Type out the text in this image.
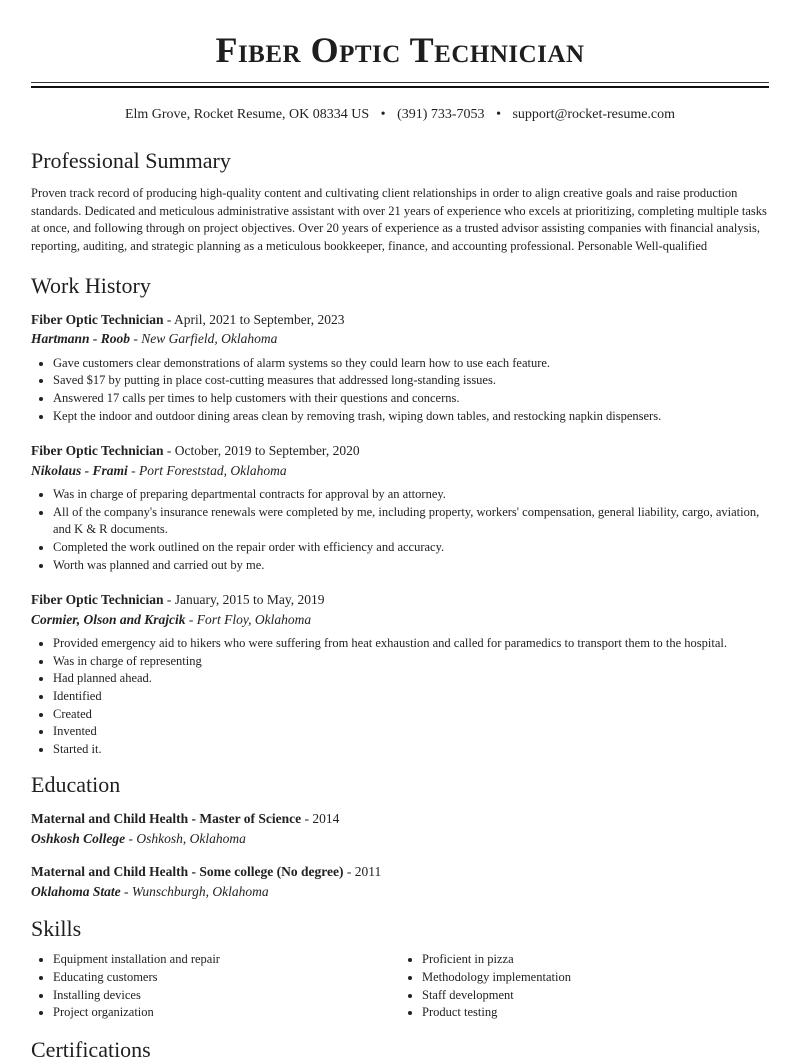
Fiber Optic Technician
Elm Grove, Rocket Resume, OK 08334 US • (391) 733-7053 • support@rocket-resume.com
Professional Summary

Proven track record of producing high-quality content and cultivating client relationships in order to align creative goals and raise production standards. Dedicated and meticulous administrative assistant with over 21 years of experience who excels at prioritizing, completing multiple tasks at once, and following through on project objectives. Over 20 years of experience as a trusted advisor assisting companies with financial analysis, reporting, auditing, and strategic planning as a meticulous bookkeeper, finance, and accounting professional. Personable Well-qualified

Work History
Fiber Optic Technician - April, 2021 to September, 2023
Hartmann - Roob - New Garfield, Oklahoma
• Gave customers clear demonstrations of alarm systems so they could learn how to use each feature.
• Saved $17 by putting in place cost-cutting measures that addressed long-standing issues.
• Answered 17 calls per times to help customers with their questions and concerns.
• Kept the indoor and outdoor dining areas clean by removing trash, wiping down tables, and restocking napkin dispensers.
Fiber Optic Technician - October, 2019 to September, 2020
Nikolaus - Frami - Port Foreststad, Oklahoma
• Was in charge of preparing departmental contracts for approval by an attorney.
• All of the company's insurance renewals were completed by me, including property, workers' compensation, general liability, cargo, aviation, and K & R documents.
• Completed the work outlined on the repair order with efficiency and accuracy.
• Worth was planned and carried out by me.
Fiber Optic Technician - January, 2015 to May, 2019
Cormier, Olson and Krajcik - Fort Floy, Oklahoma
• Provided emergency aid to hikers who were suffering from heat exhaustion and called for paramedics to transport them to the hospital.
• Was in charge of representing
• Had planned ahead.
• Identified
• Created
• Invented
• Started it.
Education
Maternal and Child Health - Master of Science - 2014
Oshkosh College - Oshkosh, Oklahoma
Maternal and Child Health - Some college (No degree) - 2011
Oklahoma State - Wunschburgh, Oklahoma
Skills
• Equipment installation and repair
• Educating customers
• Installing devices
• Project organization
• Proficient in pizza
• Methodology implementation
• Staff development
• Product testing
Certifications
